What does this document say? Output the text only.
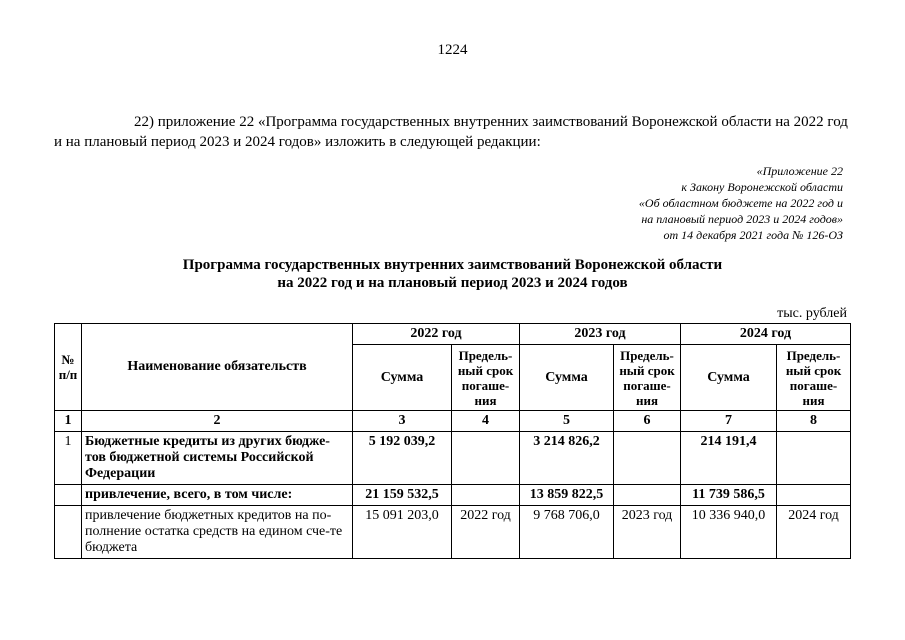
1224
22) приложение 22 «Программа государственных внутренних заимствований Воронежской области на 2022 год и на плановый период 2023 и 2024 годов» изложить в следующей редакции:
«Приложение 22
к Закону Воронежской области
«Об областном бюджете на 2022 год и
на плановый период 2023 и 2024 годов»
от 14 декабря 2021 года № 126-ОЗ
Программа государственных внутренних заимствований Воронежской области
на 2022 год и на плановый период 2023 и 2024 годов
тыс. рублей
№ п/п	Наименование обязательств	2022 год		2023 год		2024 год	
		Сумма	Предель-ный срок погаше-ния	Сумма	Предель-ный срок погаше-ния	Сумма	Предель-ный срок погаше-ния
1	2	3	4	5	6	7	8
1	Бюджетные кредиты из других бюдже-тов бюджетной системы Российской Федерации	5 192 039,2		3 214 826,2		214 191,4	
	привлечение, всего, в том числе:	21 159 532,5		13 859 822,5		11 739 586,5	
	привлечение бюджетных кредитов на по-полнение остатка средств на едином сче-те бюджета	15 091 203,0	2022 год	9 768 706,0	2023 год	10 336 940,0	2024 год
